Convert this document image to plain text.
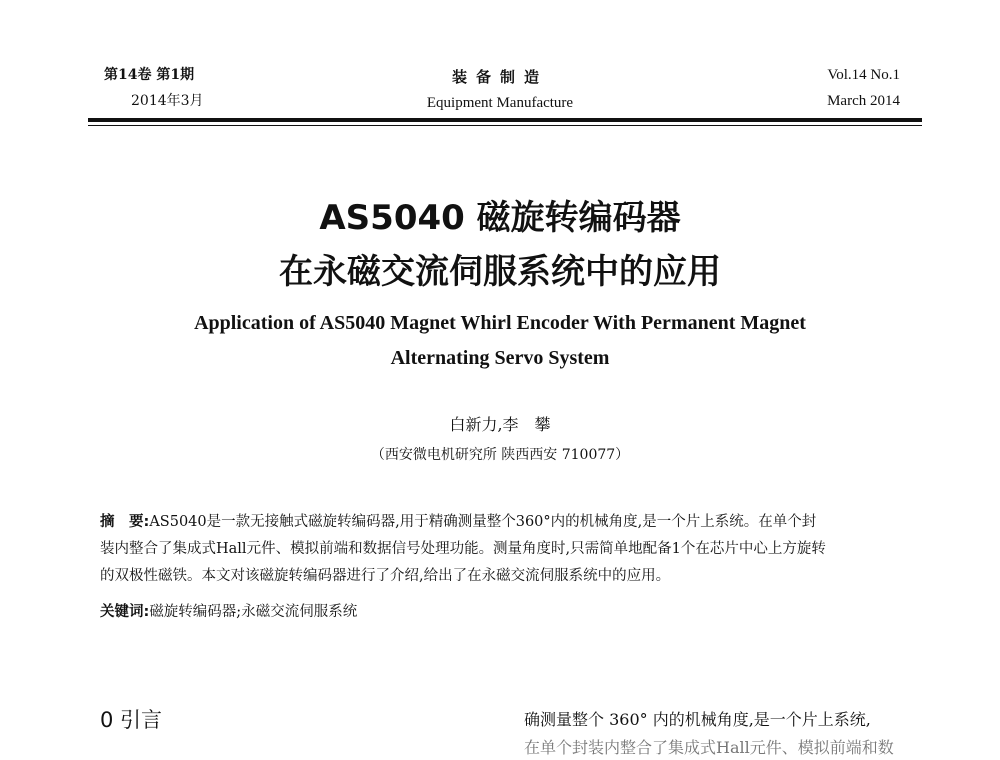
第14卷 第1期
2014年3月
装备制造
Equipment Manufacture
Vol.14 No.1
March 2014
AS5040 磁旋转编码器
在永磁交流伺服系统中的应用
Application of AS5040 Magnet Whirl Encoder With Permanent Magnet
Alternating Servo System
白新力,李　攀
（西安微电机研究所 陕西西安 710077）
摘　要:AS5040是一款无接触式磁旋转编码器,用于精确测量整个360°内的机械角度,是一个片上系统。在单个封
装内整合了集成式Hall元件、模拟前端和数据信号处理功能。测量角度时,只需简单地配备1个在芯片中心上方旋转
的双极性磁铁。本文对该磁旋转编码器进行了介绍,给出了在永磁交流伺服系统中的应用。
关键词:磁旋转编码器;永磁交流伺服系统
0 引言	确测量整个 360° 内的机械角度,是一个片上系统,
在单个封装内整合了集成式Hall元件、模拟前端和数
